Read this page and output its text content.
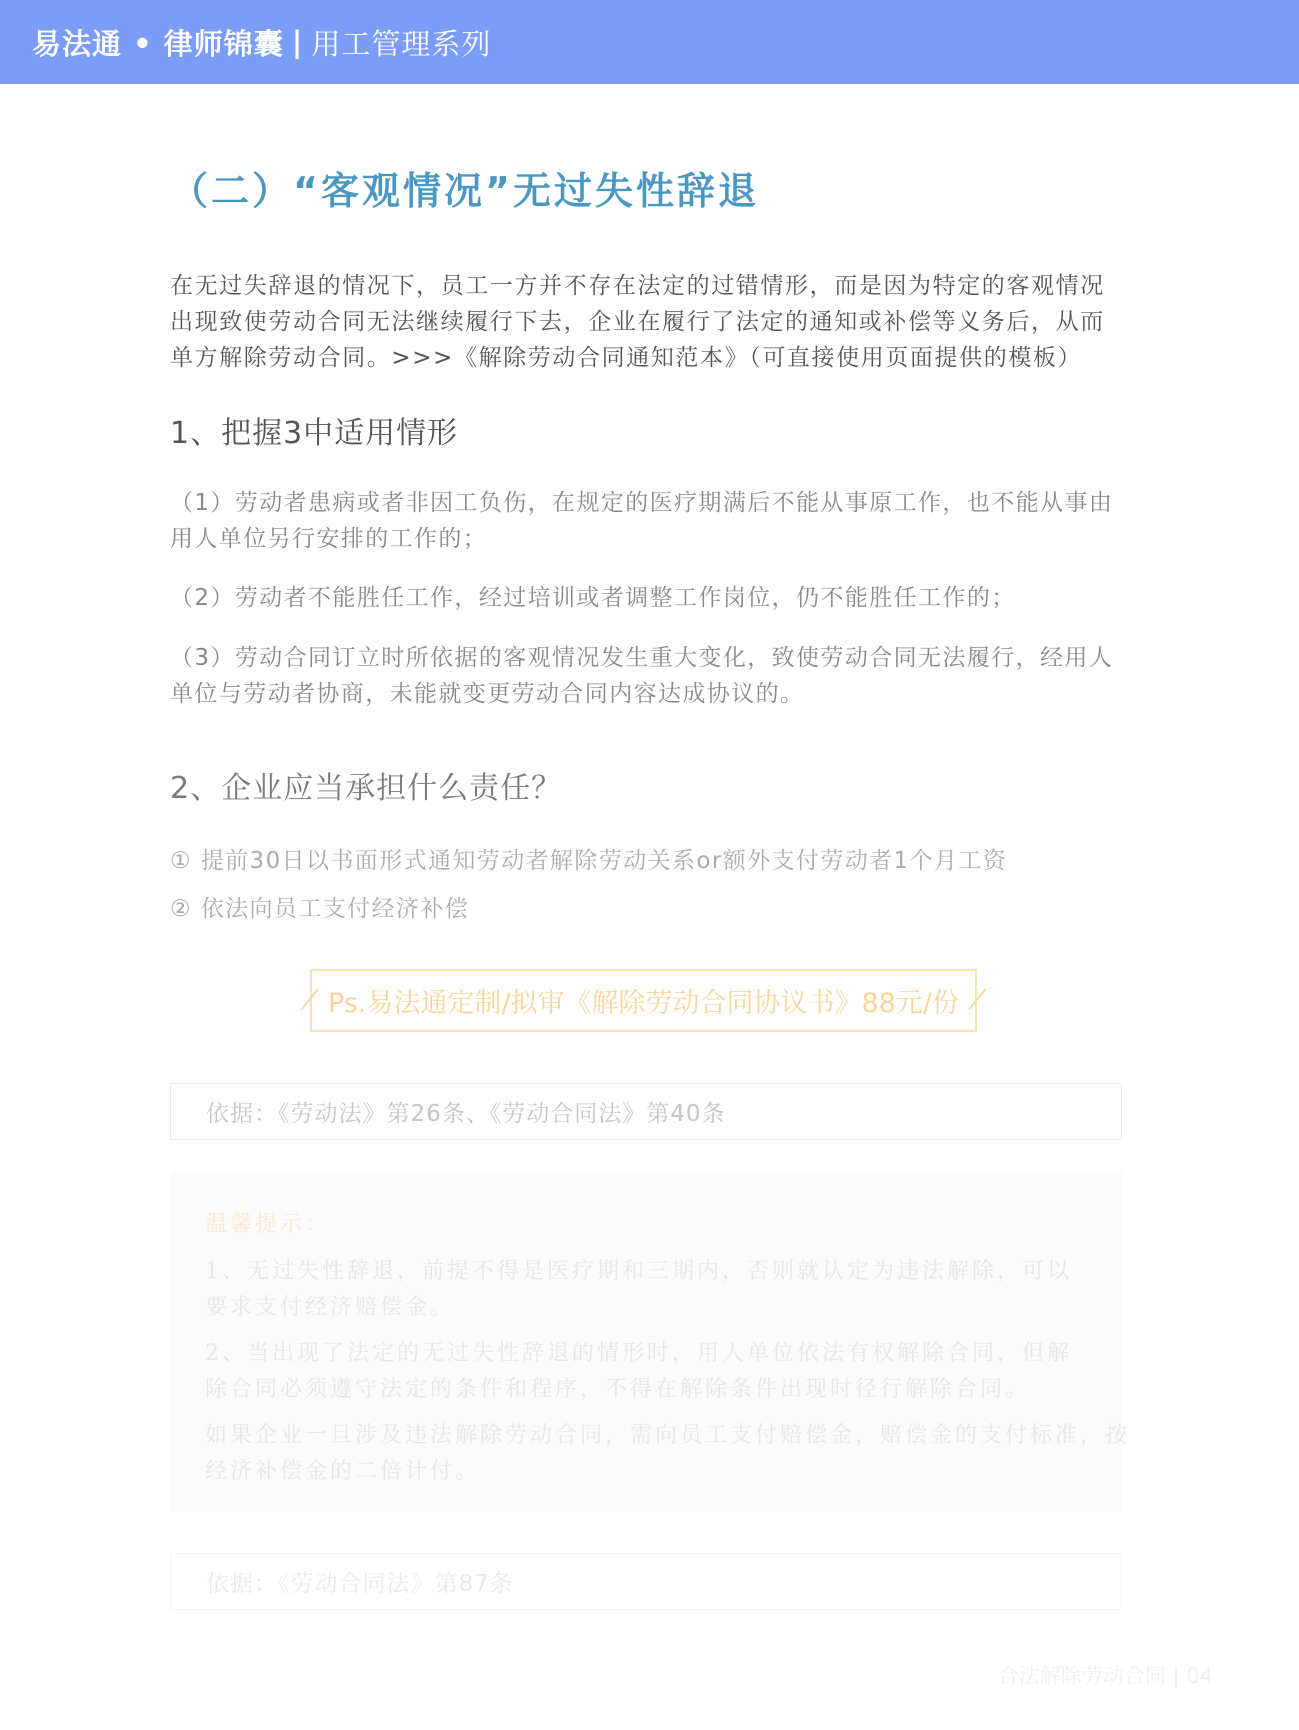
易法通 • 律师锦囊 | 用工管理系列
（二）“客观情况”无过失性辞退
在无过失辞退的情况下，员工一方并不存在法定的过错情形，而是因为特定的客观情况
出现致使劳动合同无法继续履行下去，企业在履行了法定的通知或补偿等义务后，从而
单方解除劳动合同。>>>《解除劳动合同通知范本》（可直接使用页面提供的模板）
1、把握3中适用情形
（1）劳动者患病或者非因工负伤，在规定的医疗期满后不能从事原工作，也不能从事由
用人单位另行安排的工作的；
（2）劳动者不能胜任工作，经过培训或者调整工作岗位，仍不能胜任工作的；
（3）劳动合同订立时所依据的客观情况发生重大变化，致使劳动合同无法履行，经用人
单位与劳动者协商，未能就变更劳动合同内容达成协议的。
2、企业应当承担什么责任？
① 提前30日以书面形式通知劳动者解除劳动关系or额外支付劳动者1个月工资
② 依法向员工支付经济补偿
⁄ Ps.易法通定制/拟审《解除劳动合同协议书》88元/份 ⁄
依据：《劳动法》第26条、《劳动合同法》第40条
温馨提示：
1、无过失性辞退，前提不得是医疗期和三期内，否则就认定为违法解除，可以
要求支付经济赔偿金。
2、当出现了法定的无过失性辞退的情形时，用人单位依法有权解除合同，但解
除合同必须遵守法定的条件和程序，不得在解除条件出现时径行解除合同。
如果企业一旦涉及违法解除劳动合同，需向员工支付赔偿金，赔偿金的支付标准，按
经济补偿金的二倍计付。
依据：《劳动合同法》第87条
合法解除劳动合同 | 04
